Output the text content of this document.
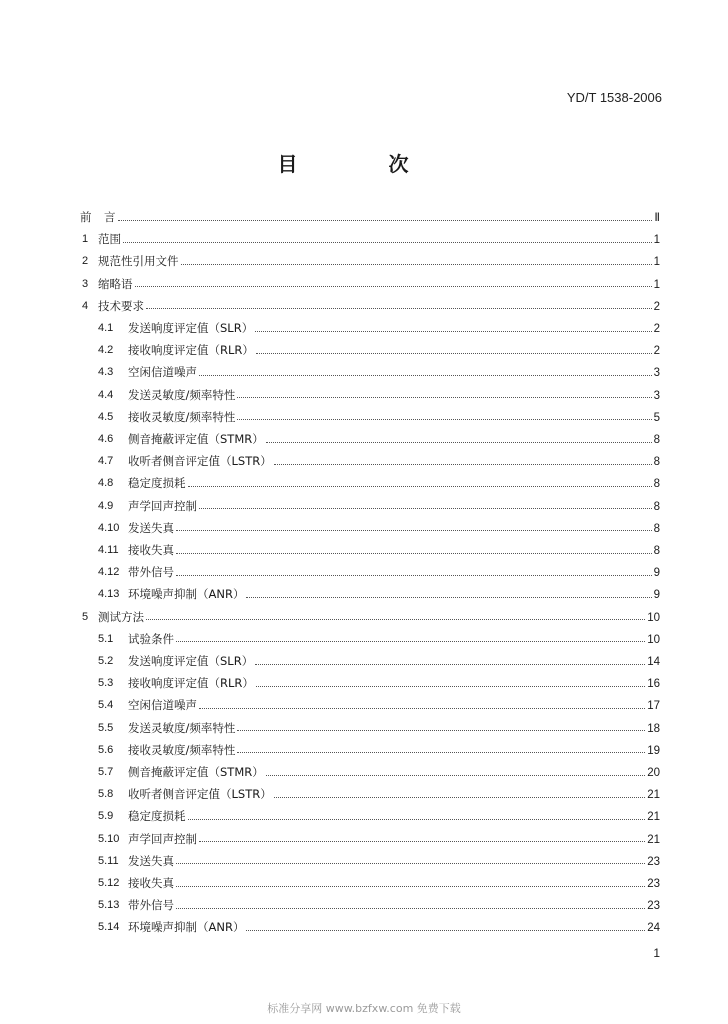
YD/T 1538-2006
目 次
前 言	Ⅱ
1 范围	1
2 规范性引用文件	1
3 缩略语	1
4 技术要求	2
4.1 发送响度评定值（SLR）	2
4.2 接收响度评定值（RLR）	2
4.3 空闲信道噪声	3
4.4 发送灵敏度/频率特性	3
4.5 接收灵敏度/频率特性	5
4.6 侧音掩蔽评定值（STMR）	8
4.7 收听者侧音评定值（LSTR）	8
4.8 稳定度损耗	8
4.9 声学回声控制	8
4.10 发送失真	8
4.11 接收失真	8
4.12 带外信号	9
4.13 环境噪声抑制（ANR）	9
5 测试方法	10
5.1 试验条件	10
5.2 发送响度评定值（SLR）	14
5.3 接收响度评定值（RLR）	16
5.4 空闲信道噪声	17
5.5 发送灵敏度/频率特性	18
5.6 接收灵敏度/频率特性	19
5.7 侧音掩蔽评定值（STMR）	20
5.8 收听者侧音评定值（LSTR）	21
5.9 稳定度损耗	21
5.10 声学回声控制	21
5.11 发送失真	23
5.12 接收失真	23
5.13 带外信号	23
5.14 环境噪声抑制（ANR）	24
1
标准分享网 www.bzfxw.com 免费下载
